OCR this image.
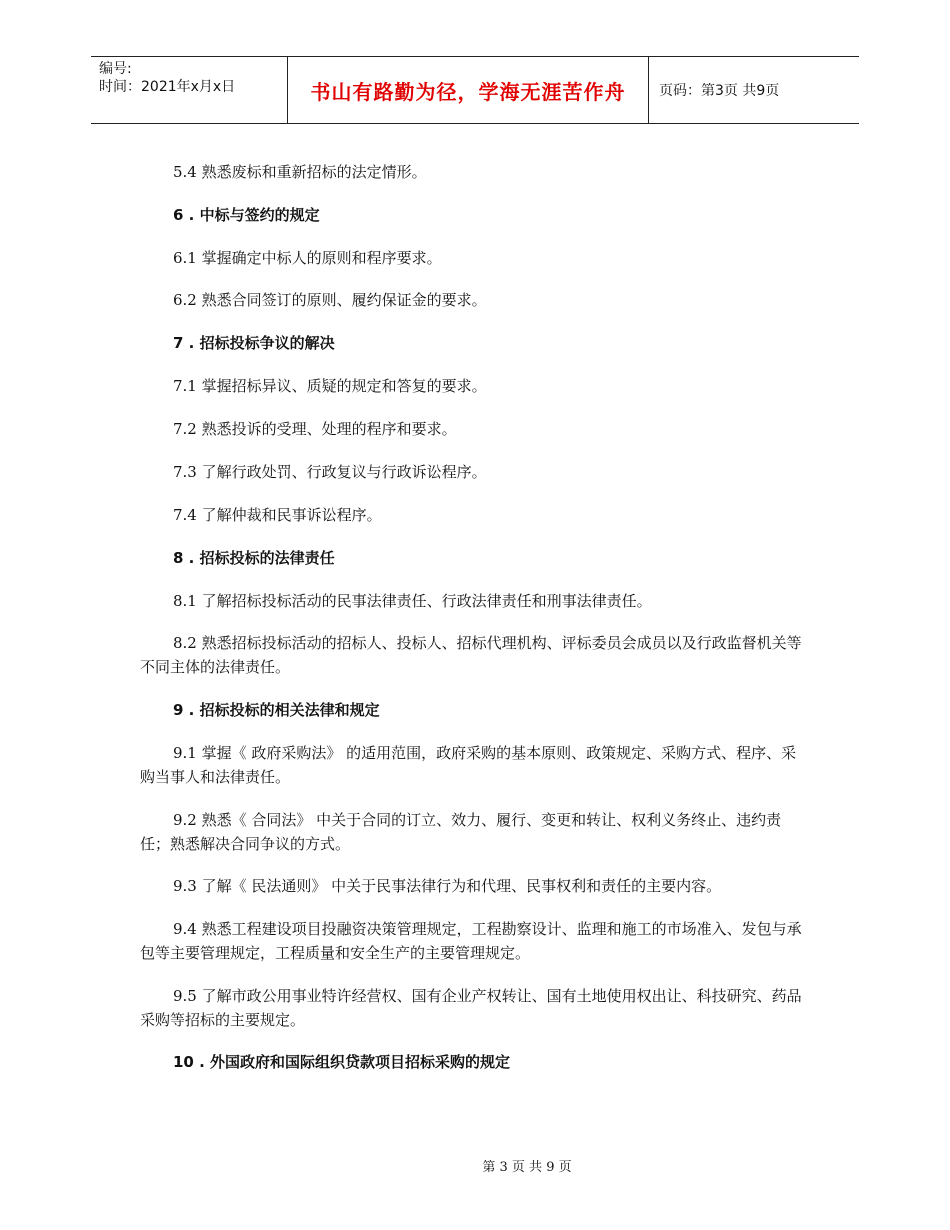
编号:
时间：2021年x月x日	书山有路勤为径，学海无涯苦作舟 页码：第3页 共9页
5.4 熟悉废标和重新招标的法定情形。
6 . 中标与签约的规定
6.1 掌握确定中标人的原则和程序要求。
6.2 熟悉合同签订的原则、履约保证金的要求。
7 . 招标投标争议的解决
7.1 掌握招标异议、质疑的规定和答复的要求。
7.2 熟悉投诉的受理、处理的程序和要求。
7.3 了解行政处罚、行政复议与行政诉讼程序。
7.4 了解仲裁和民事诉讼程序。
8 . 招标投标的法律责任
8.1 了解招标投标活动的民事法律责任、行政法律责任和刑事法律责任。
8.2 熟悉招标投标活动的招标人、投标人、招标代理机构、评标委员会成员以及行政监督机关等不同主体的法律责任。
9 . 招标投标的相关法律和规定
9.1 掌握《 政府采购法》 的适用范围，政府采购的基本原则、政策规定、采购方式、程序、采购当事人和法律责任。
9.2 熟悉《 合同法》 中关于合同的订立、效力、履行、变更和转让、权利义务终止、违约责任；熟悉解决合同争议的方式。
9.3 了解《 民法通则》 中关于民事法律行为和代理、民事权利和责任的主要内容。
9.4 熟悉工程建设项目投融资决策管理规定，工程勘察设计、监理和施工的市场准入、发包与承包等主要管理规定，工程质量和安全生产的主要管理规定。
9.5 了解市政公用事业特许经营权、国有企业产权转让、国有土地使用权出让、科技研究、药品采购等招标的主要规定。
10 . 外国政府和国际组织贷款项目招标采购的规定
第 3 页 共 9 页
